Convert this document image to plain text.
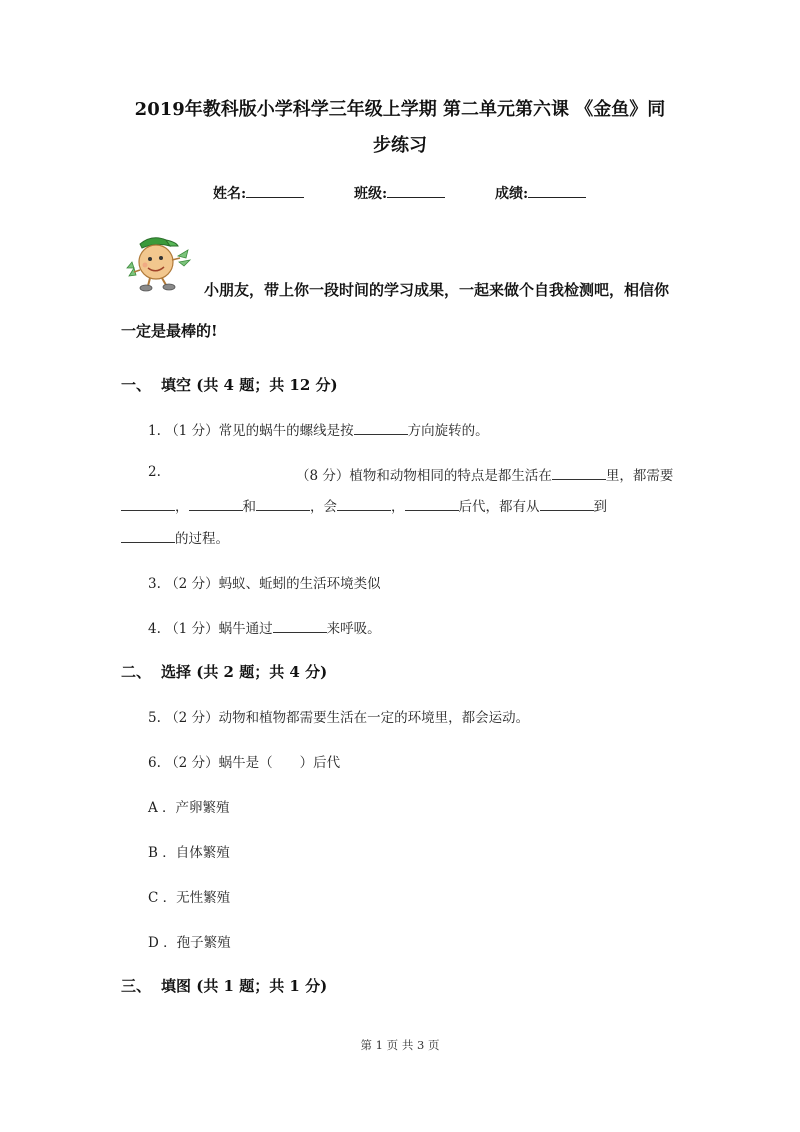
2019年教科版小学科学三年级上学期 第二单元第六课 《金鱼》同
步练习
姓名:	班级:	成绩:
小朋友，带上你一段时间的学习成果，一起来做个自我检测吧，相信你
一定是最棒的!
一、 填空 (共 4 题；共 12 分)
1. （1 分）常见的蜗牛的螺线是按	方向旋转的。
2.	（8 分）植物和动物相同的特点是都生活在	里，都需要
，	和	，会	，	后代，都有从	到
的过程。
3. （2 分）蚂蚁、蚯蚓的生活环境类似
4. （1 分）蜗牛通过	来呼吸。
二、 选择 (共 2 题；共 4 分)
5. （2 分）动物和植物都需要生活在一定的环境里，都会运动。
6. （2 分）蜗牛是（　　）后代
A ．产卵繁殖
B ．自体繁殖
C ．无性繁殖
D ．孢子繁殖
三、 填图 (共 1 题；共 1 分)
第 1 页 共 3 页
